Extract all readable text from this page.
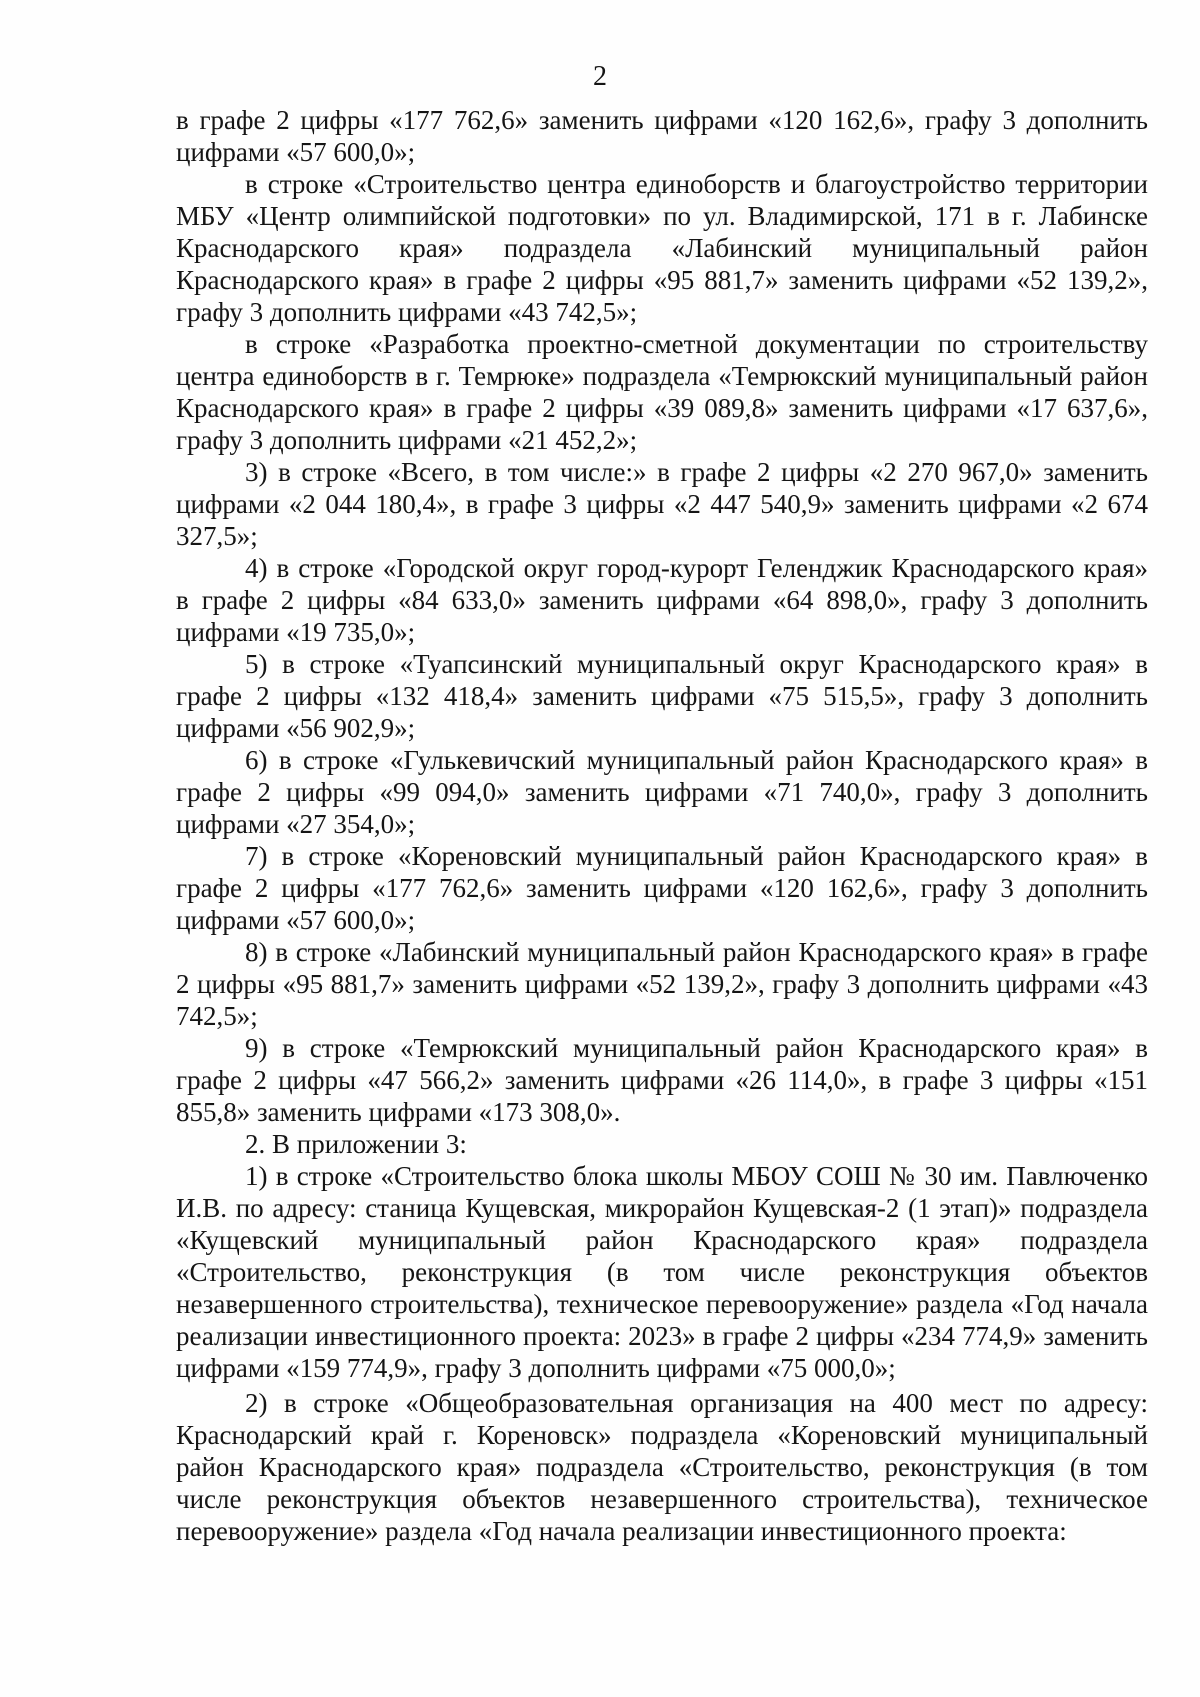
2

в графе 2 цифры «177 762,6» заменить цифрами «120 162,6», графу 3 дополнить цифрами «57 600,0»;

в строке «Строительство центра единоборств и благоустройство территории МБУ «Центр олимпийской подготовки» по ул. Владимирской, 171 в г. Лабинске Краснодарского края» подраздела «Лабинский муниципальный район Краснодарского края» в графе 2 цифры «95 881,7» заменить цифрами «52 139,2», графу 3 дополнить цифрами «43 742,5»;

в строке «Разработка проектно-сметной документации по строительству центра единоборств в г. Темрюке» подраздела «Темрюкский муниципальный район Краснодарского края» в графе 2 цифры «39 089,8» заменить цифрами «17 637,6», графу 3 дополнить цифрами «21 452,2»;

3) в строке «Всего, в том числе:» в графе 2 цифры «2 270 967,0» заменить цифрами «2 044 180,4», в графе 3 цифры «2 447 540,9» заменить цифрами «2 674 327,5»;

4) в строке «Городской округ город-курорт Геленджик Краснодарского края» в графе 2 цифры «84 633,0» заменить цифрами «64 898,0», графу 3 дополнить цифрами «19 735,0»;

5) в строке «Туапсинский муниципальный округ Краснодарского края» в графе 2 цифры «132 418,4» заменить цифрами «75 515,5», графу 3 дополнить цифрами «56 902,9»;

6) в строке «Гулькевичский муниципальный район Краснодарского края» в графе 2 цифры «99 094,0» заменить цифрами «71 740,0», графу 3 дополнить цифрами «27 354,0»;

7) в строке «Кореновский муниципальный район Краснодарского края» в графе 2 цифры «177 762,6» заменить цифрами «120 162,6», графу 3 дополнить цифрами «57 600,0»;

8) в строке «Лабинский муниципальный район Краснодарского края» в графе 2 цифры «95 881,7» заменить цифрами «52 139,2», графу 3 дополнить цифрами «43 742,5»;

9) в строке «Темрюкский муниципальный район Краснодарского края» в графе 2 цифры «47 566,2» заменить цифрами «26 114,0», в графе 3 цифры «151 855,8» заменить цифрами «173 308,0».

2. В приложении 3:

1) в строке «Строительство блока школы МБОУ СОШ № 30 им. Павлюченко И.В. по адресу: станица Кущевская, микрорайон Кущевская-2 (1 этап)» подраздела «Кущевский муниципальный район Краснодарского края» подраздела «Строительство, реконструкция (в том числе реконструкция объектов незавершенного строительства), техническое перевооружение» раздела «Год начала реализации инвестиционного проекта: 2023» в графе 2 цифры «234 774,9» заменить цифрами «159 774,9», графу 3 дополнить цифрами «75 000,0»;

2) в строке «Общеобразовательная организация на 400 мест по адресу: Краснодарский край г. Кореновск» подраздела «Кореновский муниципальный район Краснодарского края» подраздела «Строительство, реконструкция (в том числе реконструкция объектов незавершенного строительства), техническое перевооружение» раздела «Год начала реализации инвестиционного проекта:
